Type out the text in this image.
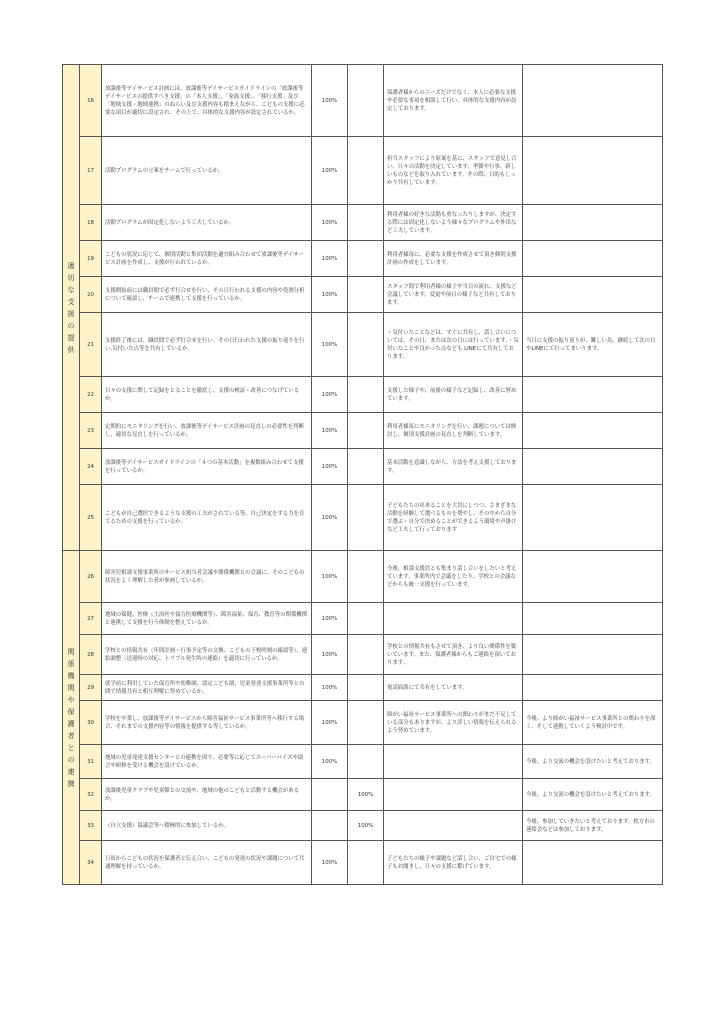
適切な支援の提供	16	放課後等デイサービス計画には、放課後等デイサービスガイドラインの「放課後等デイサービスの提供すべき支援」の「本人支援」、「家族支援」、「移行支援」及び「地域支援・地域連携」のねらい及び支援内容も踏まえながら、こどもの支援に必要な項目が適切に設定され、その上で、具体的な支援内容が設定されているか。	100%		保護者様からのニーズだけでなく、本人に必要な支援や必要な事項を相談して行い、具体的な支援内容が設定しております。	
	17	活動プログラムの立案をチームで行っているか。	100%		担当スタッフにより原案を基に、スタッフで意見し合い、日々の活動を決定しています。季節や行事、新しいものなどを取り入れています。その際、目的もしっかり共有しています。	
	18	活動プログラムが固定化しないよう工夫しているか。	100%		利用者様の好きな活動も重なったりしますが、決定する際には固定化しないよう様々なプログラムや外出など工夫しています。	
	19	こどもの状況に応じて、個別活動と集団活動を適宜組み合わせて放課後等デイサービス計画を作成し、支援が行われているか。	100%		利用者様毎に、必要な支援を作成させて頂き個別支援計画の作成をしています。	
	20	支援開始前には職員間で必ず打合せを行い、その日行われる支援の内容や役割分担について確認し、チームで連携して支援を行っているか。	100%		スタッフ間で利用者様の様子や当日の流れ、支援など会議しています。変更や前日の様子など共有しております。	
	21	支援終了後には、職員間で必ず打合せを行い、その日行われた支援の振り返りを行い,気付いた点等を共有しているか。	100%		・気付いたことなどは、すぐに共有し、話し合いについては、その日、または次の日には行っています。・気付いたことや良かった点なども LINEにて共有しております。	当日に支援の振り返りが、難しい為、継続して次の日やLINEにて行ってまいります。
	22	日々の支援に関して記録をとることを徹底し、支援の検証・改善につなげているか。	100%		支援した様子や、前後の様子など記録し、改善に努めています。	
	23	定期的にモニタリングを行い、放課後等デイサービス計画の見直しの必要性を判断し、適切な見直しを行っているか。	100%		利用者様毎にモニタリングを行い、課題については検討し、個別支援計画の見直しを判断しています。	
	24	放課後等デイサービスガイドラインの「４つの基本活動」を複数組み合わせて支援を行っているか。	100%		基本活動を意識しながら、方法を考え支援しております。	
	25	こどもが自己選択できるような支援の工夫がされている等、自己決定をする力を育てるための支援を行っているか。	100%		子どもたちの出来ることを大切にしつつ、さまざまな活動を経験して選べるものを増やし、その中から自分で選ぶ・自分で決めることができるよう環境や声掛けなど工夫して行っております	
関係機関や保護者との連携	26	障害児相談支援事業所のサービス担当者会議や関係機関との会議に、そのこどもの状況をよく理解した者が参画しているか。	100%		今後、相談支援員とも集まり話し合いをしたいと考えています。事業所内で会議をしたり、学校との会議などからも統一支援を行っています。	
	27	地域の保健、医療（主治医や協力医療機関等）、障害福祉、保育、教育等の関係機関と連携して支援を行う体制を整えているか。	100%			
	28	学校との情報共有（年間計画・行事予定等の交換、こどもの下校時刻の確認等）、連絡調整（送迎時の対応、トラブル発生時の連絡）を適切に行っているか。	100%		学校との情報共有もさせて頂き、より良い関係性を築いています。また、保護者様からもご連絡を頂いております。	
	29	就学前に利用していた保育所や幼稚園、認定こども園、児童発達支援事業所等との間で情報共有と相互理解に努めているか。	100%		電話面談にて共有をしています。	
	30	学校を卒業し、放課後等デイサービスから障害福祉サービス事業所等へ移行する場合、それまでの支援内容等の情報を提供する等しているか。	100%		障がい福祉サービス事業所への関わりがまだ不足している部分もありますが、より詳しい情報を伝えられるよう努めています。	今後、より障がい福祉サービス事業所との関わりを深く、そして連携していくよう検討中です。
	31	地域の児童発達支援センターとの連携を図り、必要等に応じてスーパーバイズや助言や研修を受ける機会を設けているか。	100%			今後、より交流の機会を設けたいと考えております。
	32	放課後児童クラブや児童館との交流や、地域の他のこどもと活動する機会があるか。		100%		今後、より交流の機会を設けたいと考えております。
	33	（自立支援）協議会等へ積極的に参加しているか。		100%		今後、参加していきたいと考えております。枚方市の連絡会などは参加しております。
	34	日頃からこどもの状況を保護者と伝え合い、こどもの発達の状況や課題について共通理解を持っているか。	100%		子どもたちの様子や課題など話し合い、ご自宅での様子もお聞きし、日々の支援に繋げています。	
